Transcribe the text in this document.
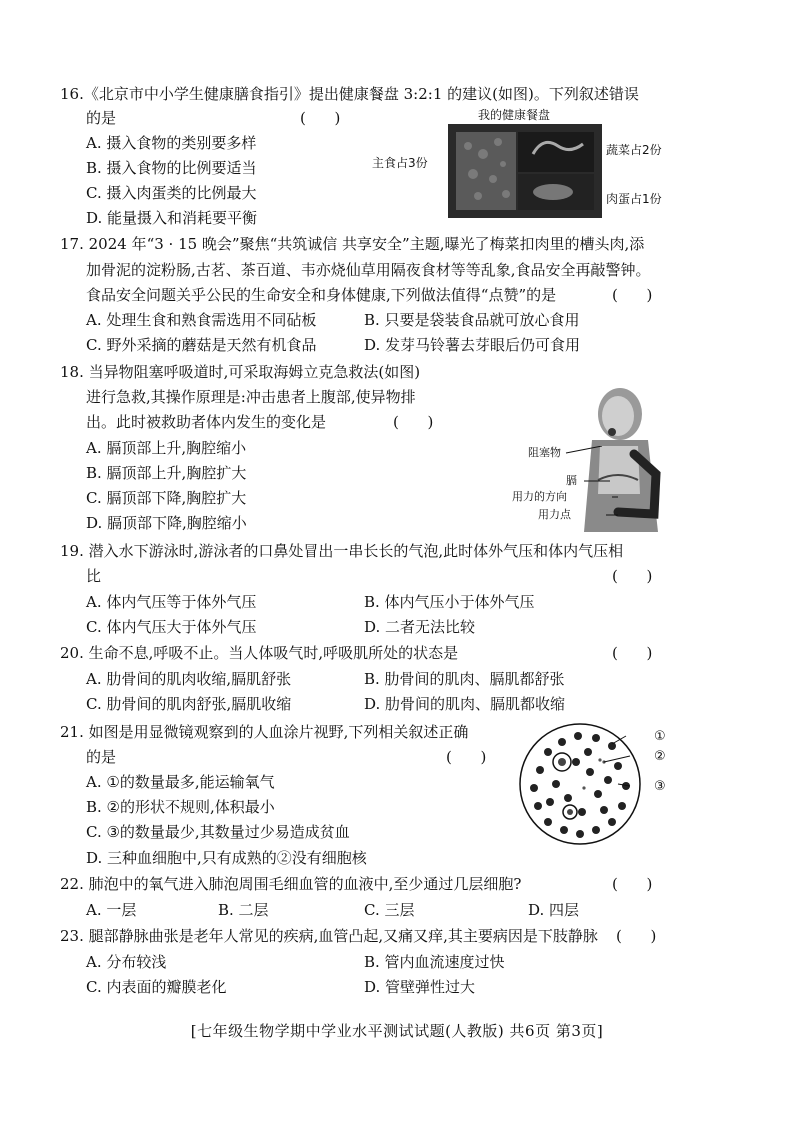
16.《北京市中小学生健康膳食指引》提出健康餐盘 3:2:1 的建议(如图)。下列叙述错误
的是	(      )
A. 摄入食物的类别要多样
B. 摄入食物的比例要适当
C. 摄入肉蛋类的比例最大
D. 能量摄入和消耗要平衡
我的健康餐盘
主食占3份
蔬菜占2份
肉蛋占1份
17. 2024 年“3 · 15 晚会”聚焦“共筑诚信 共享安全”主题,曝光了梅菜扣肉里的槽头肉,添
加骨泥的淀粉肠,古茗、茶百道、韦亦烧仙草用隔夜食材等等乱象,食品安全再敲警钟。
食品安全问题关乎公民的生命安全和身体健康,下列做法值得“点赞”的是	(      )
A. 处理生食和熟食需选用不同砧板	B. 只要是袋装食品就可放心食用
C. 野外采摘的蘑菇是天然有机食品	D. 发芽马铃薯去芽眼后仍可食用
18. 当异物阻塞呼吸道时,可采取海姆立克急救法(如图)
进行急救,其操作原理是:冲击患者上腹部,使异物排
出。此时被救助者体内发生的变化是	(      )
A. 膈顶部上升,胸腔缩小
B. 膈顶部上升,胸腔扩大
C. 膈顶部下降,胸腔扩大
D. 膈顶部下降,胸腔缩小
阻塞物
膈
用力的方向
用力点
19. 潜入水下游泳时,游泳者的口鼻处冒出一串长长的气泡,此时体外气压和体内气压相
比	(      )
A. 体内气压等于体外气压	B. 体内气压小于体外气压
C. 体内气压大于体外气压	D. 二者无法比较
20. 生命不息,呼吸不止。当人体吸气时,呼吸肌所处的状态是	(      )
A. 肋骨间的肌肉收缩,膈肌舒张	B. 肋骨间的肌肉、膈肌都舒张
C. 肋骨间的肌肉舒张,膈肌收缩	D. 肋骨间的肌肉、膈肌都收缩
21. 如图是用显微镜观察到的人血涂片视野,下列相关叙述正确
的是	(      )
A. ①的数量最多,能运输氧气
B. ②的形状不规则,体积最小
C. ③的数量最少,其数量过少易造成贫血
D. 三种血细胞中,只有成熟的②没有细胞核
①
②
③
22. 肺泡中的氧气进入肺泡周围毛细血管的血液中,至少通过几层细胞?	(      )
A. 一层	B. 二层	C. 三层	D. 四层
23. 腿部静脉曲张是老年人常见的疾病,血管凸起,又痛又痒,其主要病因是下肢静脉 (      )
A. 分布较浅	B. 管内血流速度过快
C. 内表面的瓣膜老化	D. 管壁弹性过大
[七年级生物学期中学业水平测试试题(人教版) 共6页 第3页]
